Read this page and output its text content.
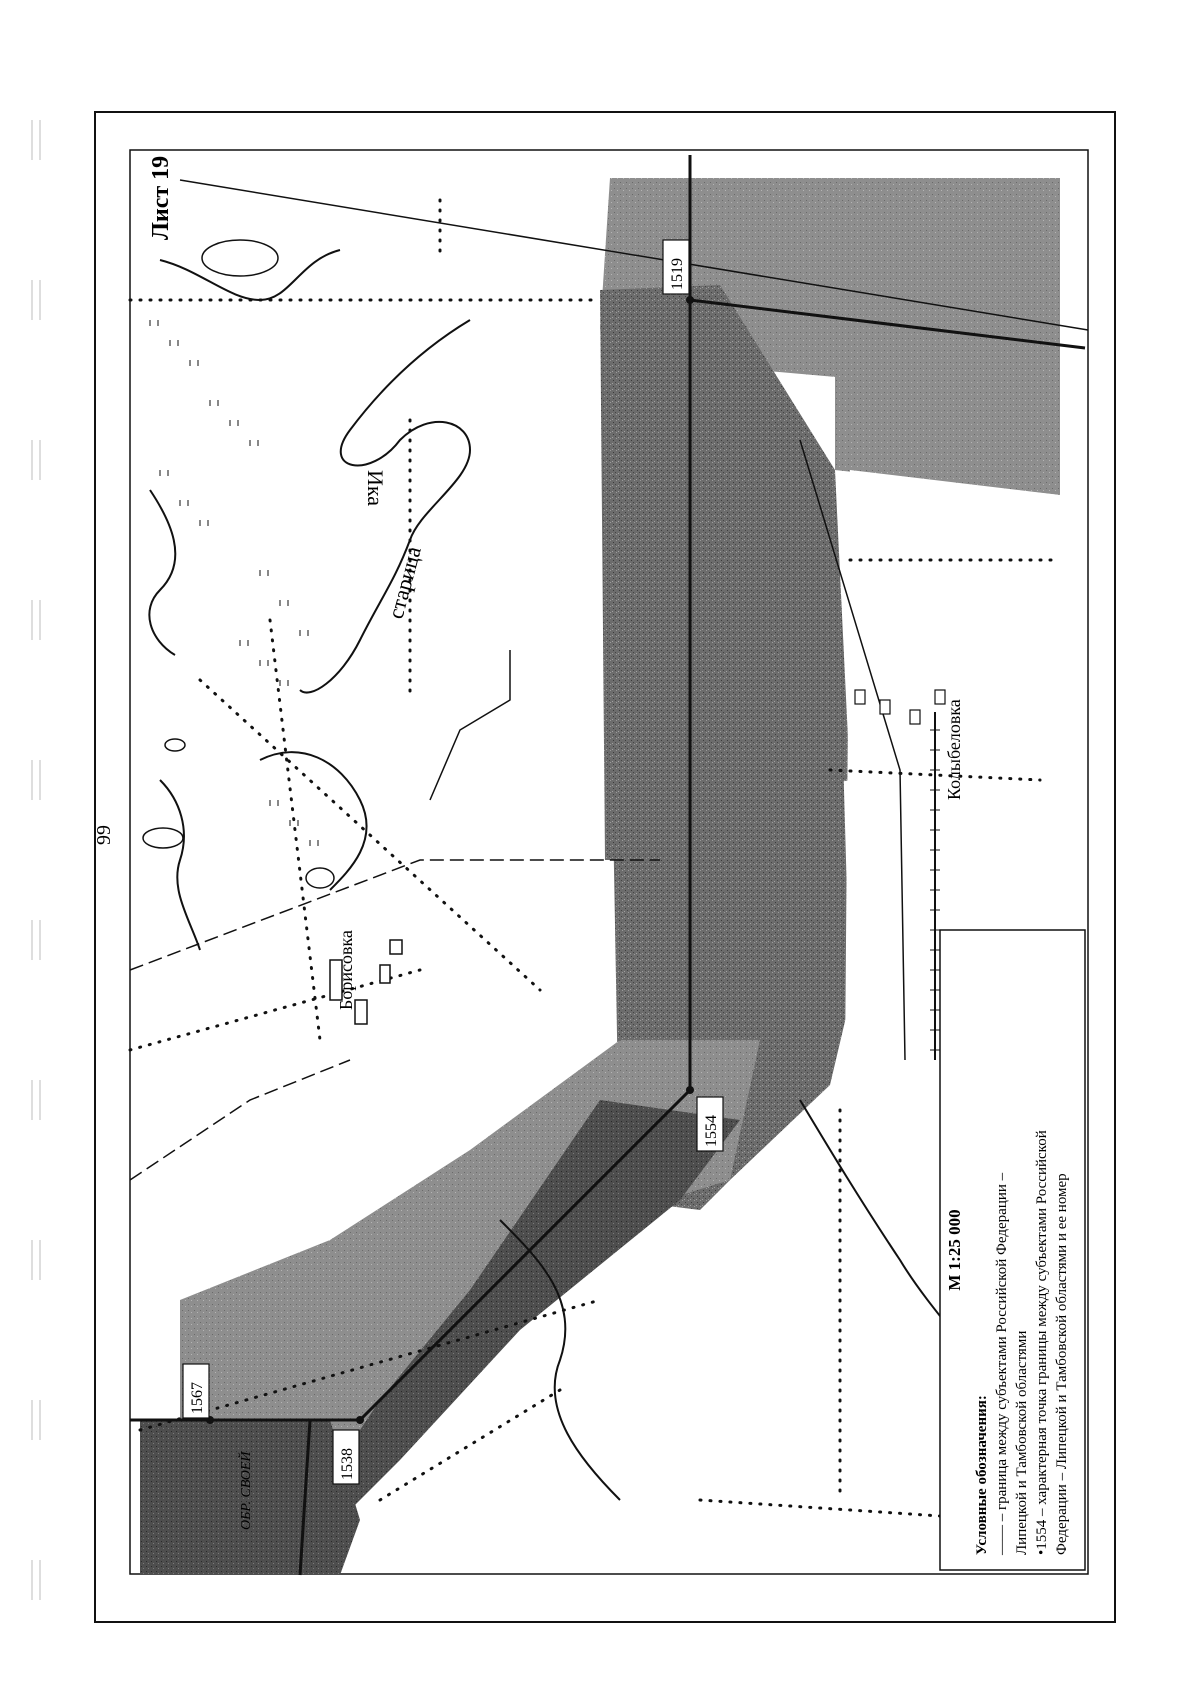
1519
1554
1538
1567
Лист 19
99
Борисовка
Колыбеловка
Ика
старица
ОБР. СВОЕЙ
М 1:25 000
Условные обозначения: —— – граница между субъектами Российской Федерации – Липецкой и Тамбовской областями •1554 – характерная точка границы между субъектами Российской Федерации – Липецкой и Тамбовской областями и ее номер
